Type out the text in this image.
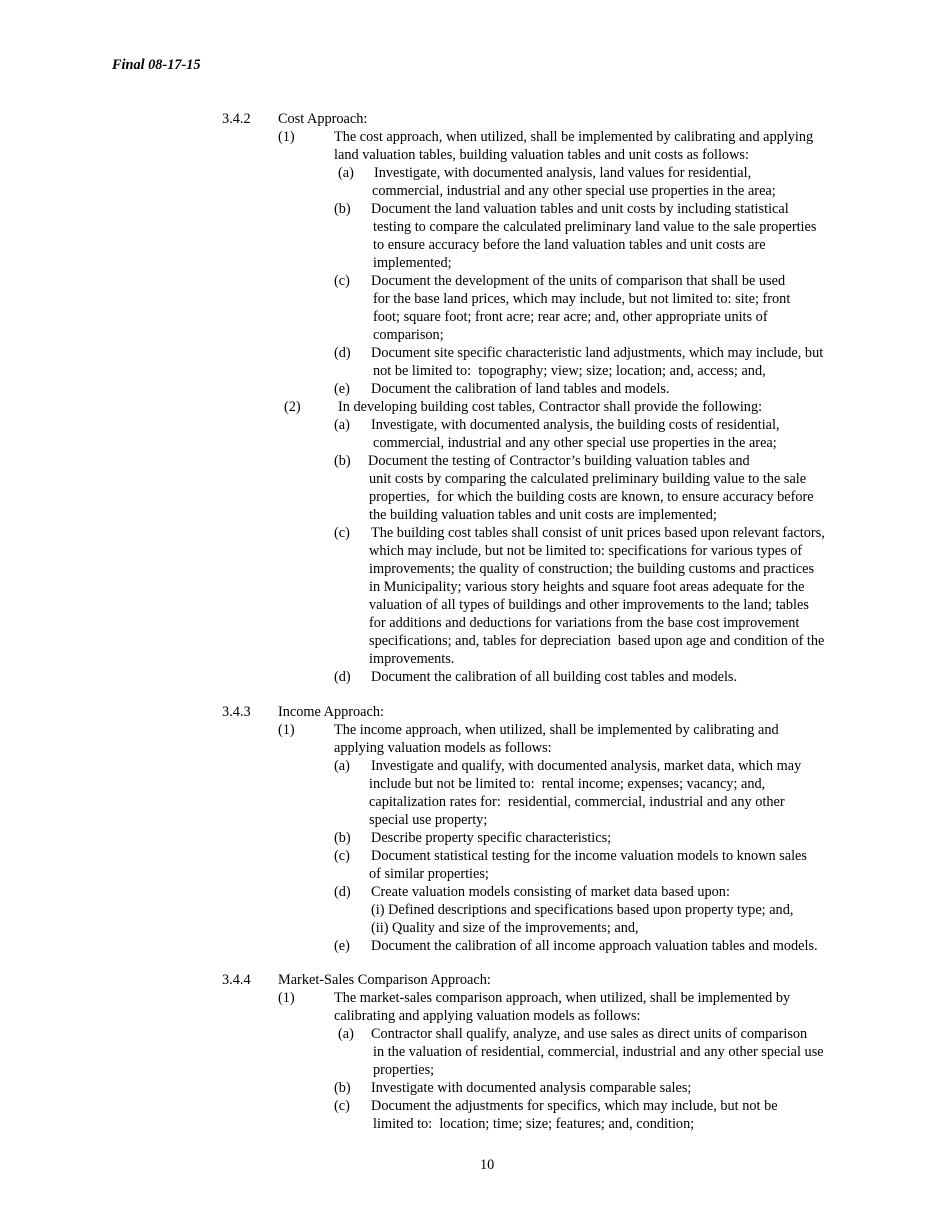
Final 08-17-15
3.4.2 Cost Approach:
(1)	The cost approach, when utilized, shall be implemented by calibrating and applying
land valuation tables, building valuation tables and unit costs as follows:
(a) Investigate, with documented analysis, land values for residential,
commercial, industrial and any other special use properties in the area;
(b) Document the land valuation tables and unit costs by including statistical
testing to compare the calculated preliminary land value to the sale properties
to ensure accuracy before the land valuation tables and unit costs are
implemented;
(c) Document the development of the units of comparison that shall be used
for the base land prices, which may include, but not limited to: site; front
foot; square foot; front acre; rear acre; and, other appropriate units of
comparison;
(d) Document site specific characteristic land adjustments, which may include, but
not be limited to:  topography; view; size; location; and, access; and,
(e) Document the calibration of land tables and models.
(2)	In developing building cost tables, Contractor shall provide the following:
(a) Investigate, with documented analysis, the building costs of residential,
commercial, industrial and any other special use properties in the area;
(b) Document the testing of Contractor’s building valuation tables and
unit costs by comparing the calculated preliminary building value to the sale
properties,  for which the building costs are known, to ensure accuracy before
the building valuation tables and unit costs are implemented;
(c) The building cost tables shall consist of unit prices based upon relevant factors,
which may include, but not be limited to: specifications for various types of
improvements; the quality of construction; the building customs and practices
in Municipality; various story heights and square foot areas adequate for the
valuation of all types of buildings and other improvements to the land; tables
for additions and deductions for variations from the base cost improvement
specifications; and, tables for depreciation  based upon age and condition of the
improvements.
(d) Document the calibration of all building cost tables and models.
3.4.3 Income Approach:
(1)	The income approach, when utilized, shall be implemented by calibrating and
applying valuation models as follows:
(a) Investigate and qualify, with documented analysis, market data, which may
include but not be limited to:  rental income; expenses; vacancy; and,
capitalization rates for:  residential, commercial, industrial and any other
special use property;
(b) Describe property specific characteristics;
(c) Document statistical testing for the income valuation models to known sales
of similar properties;
(d) Create valuation models consisting of market data based upon:
(i) Defined descriptions and specifications based upon property type; and,
(ii) Quality and size of the improvements; and,
(e) Document the calibration of all income approach valuation tables and models.
3.4.4 Market-Sales Comparison Approach:
(1)	The market-sales comparison approach, when utilized, shall be implemented by
calibrating and applying valuation models as follows:
(a) Contractor shall qualify, analyze, and use sales as direct units of comparison
in the valuation of residential, commercial, industrial and any other special use
properties;
(b) Investigate with documented analysis comparable sales;
(c) Document the adjustments for specifics, which may include, but not be
limited to:  location; time; size; features; and, condition;
10
